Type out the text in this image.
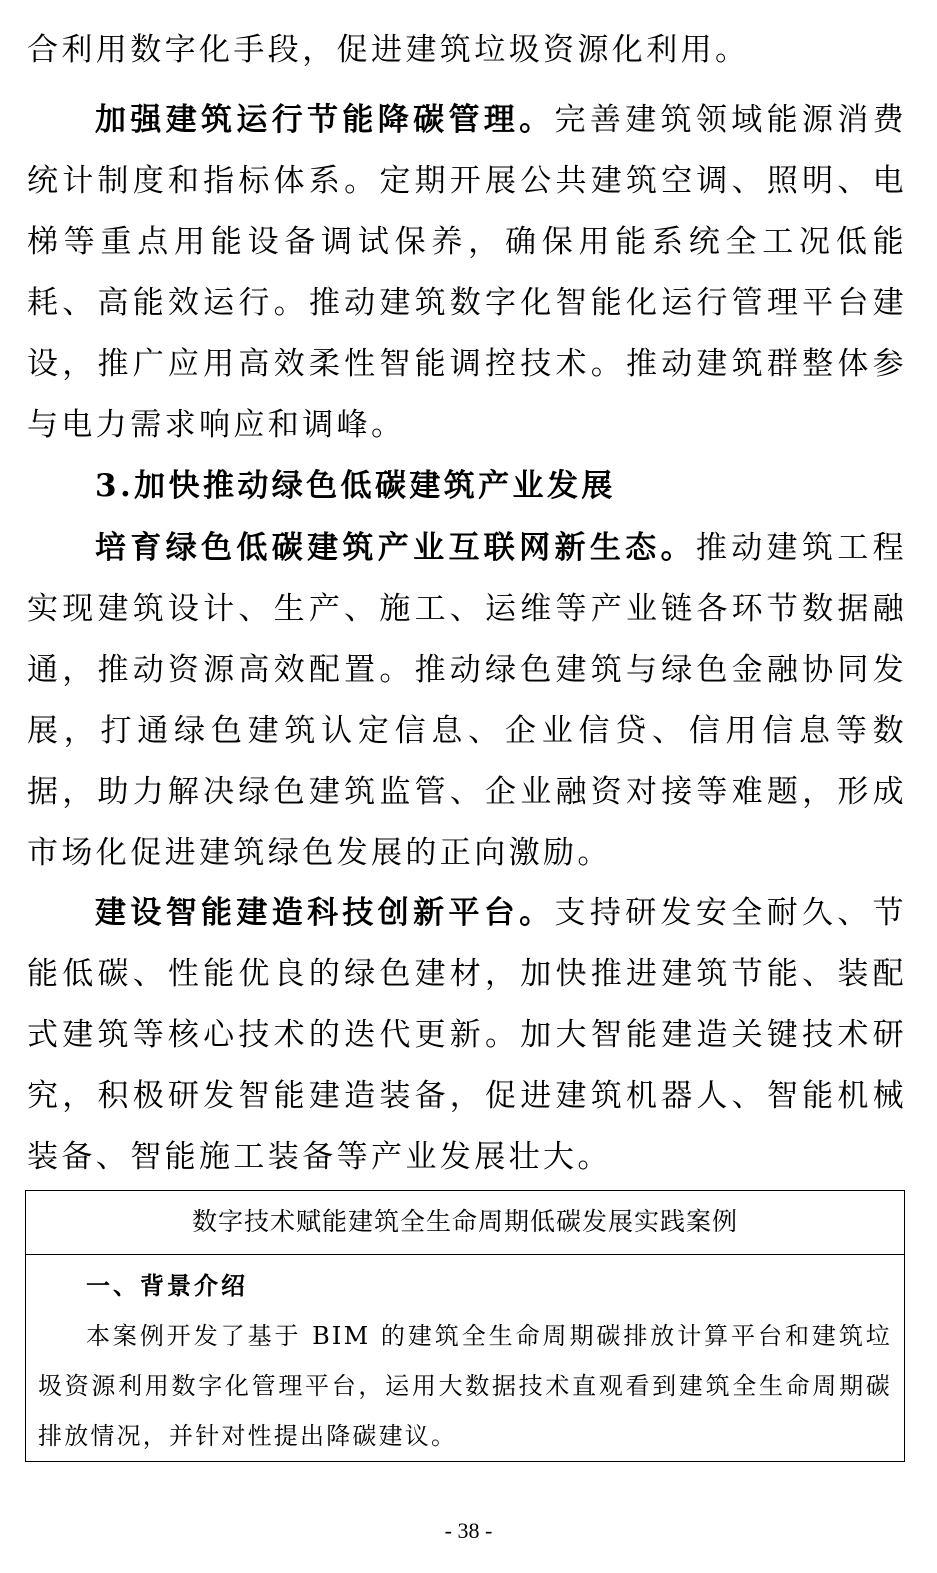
合利用数字化手段，促进建筑垃圾资源化利用。

加强建筑运行节能降碳管理。完善建筑领域能源消费统计制度和指标体系。定期开展公共建筑空调、照明、电梯等重点用能设备调试保养，确保用能系统全工况低能耗、高能效运行。推动建筑数字化智能化运行管理平台建设，推广应用高效柔性智能调控技术。推动建筑群整体参与电力需求响应和调峰。

3.加快推动绿色低碳建筑产业发展

培育绿色低碳建筑产业互联网新生态。推动建筑工程实现建筑设计、生产、施工、运维等产业链各环节数据融通，推动资源高效配置。推动绿色建筑与绿色金融协同发展，打通绿色建筑认定信息、企业信贷、信用信息等数据，助力解决绿色建筑监管、企业融资对接等难题，形成市场化促进建筑绿色发展的正向激励。

建设智能建造科技创新平台。支持研发安全耐久、节能低碳、性能优良的绿色建材，加快推进建筑节能、装配式建筑等核心技术的迭代更新。加大智能建造关键技术研究，积极研发智能建造装备，促进建筑机器人、智能机械装备、智能施工装备等产业发展壮大。

数字技术赋能建筑全生命周期低碳发展实践案例
一、背景介绍

本案例开发了基于 BIM 的建筑全生命周期碳排放计算平台和建筑垃圾资源利用数字化管理平台，运用大数据技术直观看到建筑全生命周期碳排放情况，并针对性提出降碳建议。

- 38 -
